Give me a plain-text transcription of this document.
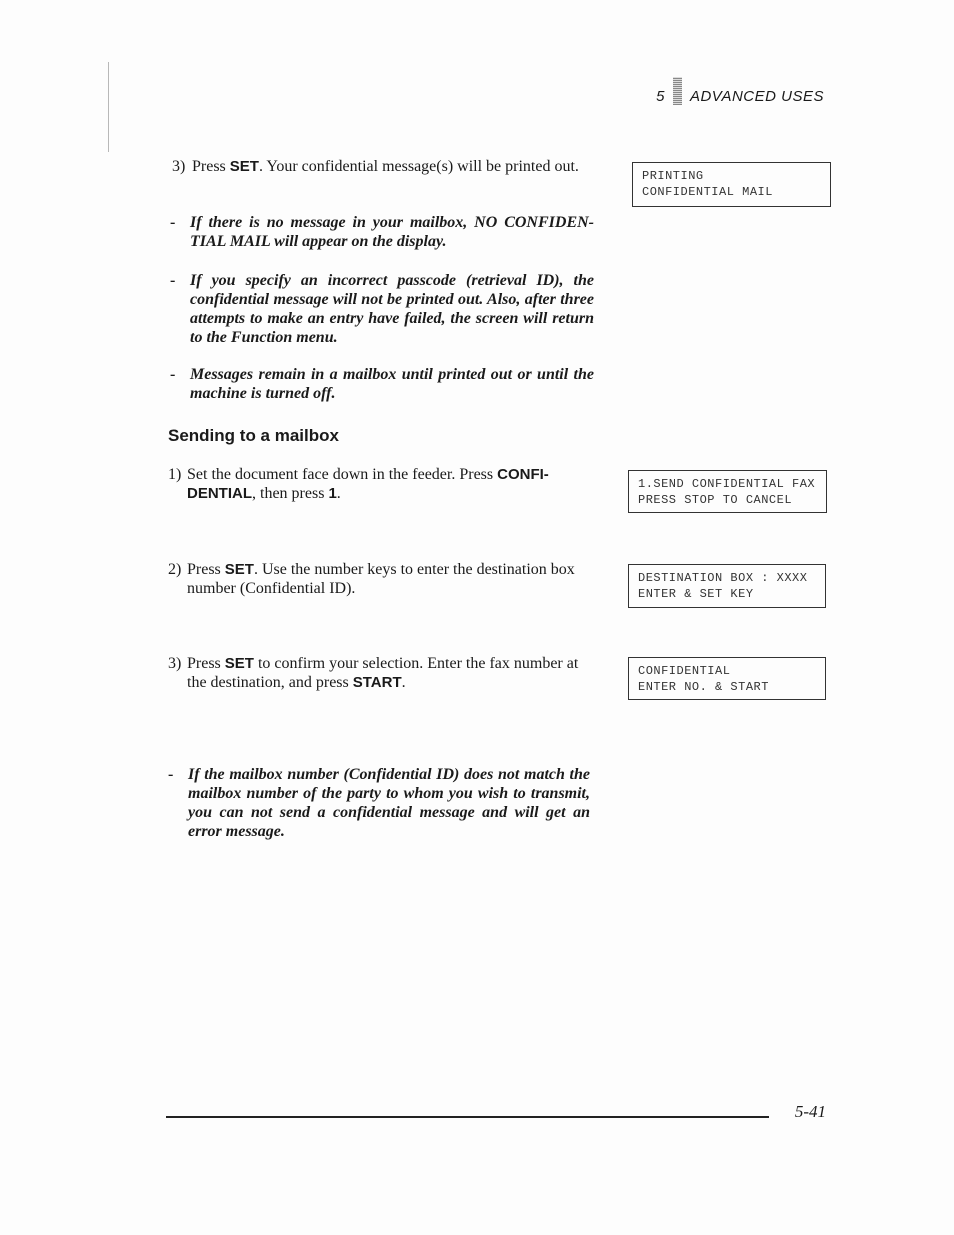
5 ADVANCED USES
3) Press SET. Your confidential message(s) will be printed out.
PRINTING
CONFIDENTIAL MAIL
- If there is no message in your mailbox, NO CONFIDEN- TIAL MAIL will appear on the display.
- If you specify an incorrect passcode (retrieval ID), the confidential message will not be printed out. Also, after three attempts to make an entry have failed, the screen will return to the Function menu.
- Messages remain in a mailbox until printed out or until the machine is turned off.
Sending to a mailbox
1) Set the document face down in the feeder. Press CONFI- DENTIAL, then press 1.
1.SEND CONFIDENTIAL FAX
PRESS STOP TO CANCEL
2) Press SET. Use the number keys to enter the destination box number (Confidential ID).
DESTINATION BOX : XXXX
ENTER & SET KEY
3) Press SET to confirm your selection. Enter the fax number at the destination, and press START.
CONFIDENTIAL
ENTER NO. & START
- If the mailbox number (Confidential ID) does not match the mailbox number of the party to whom you wish to transmit, you can not send a confidential message and will get an error message.
5-41
